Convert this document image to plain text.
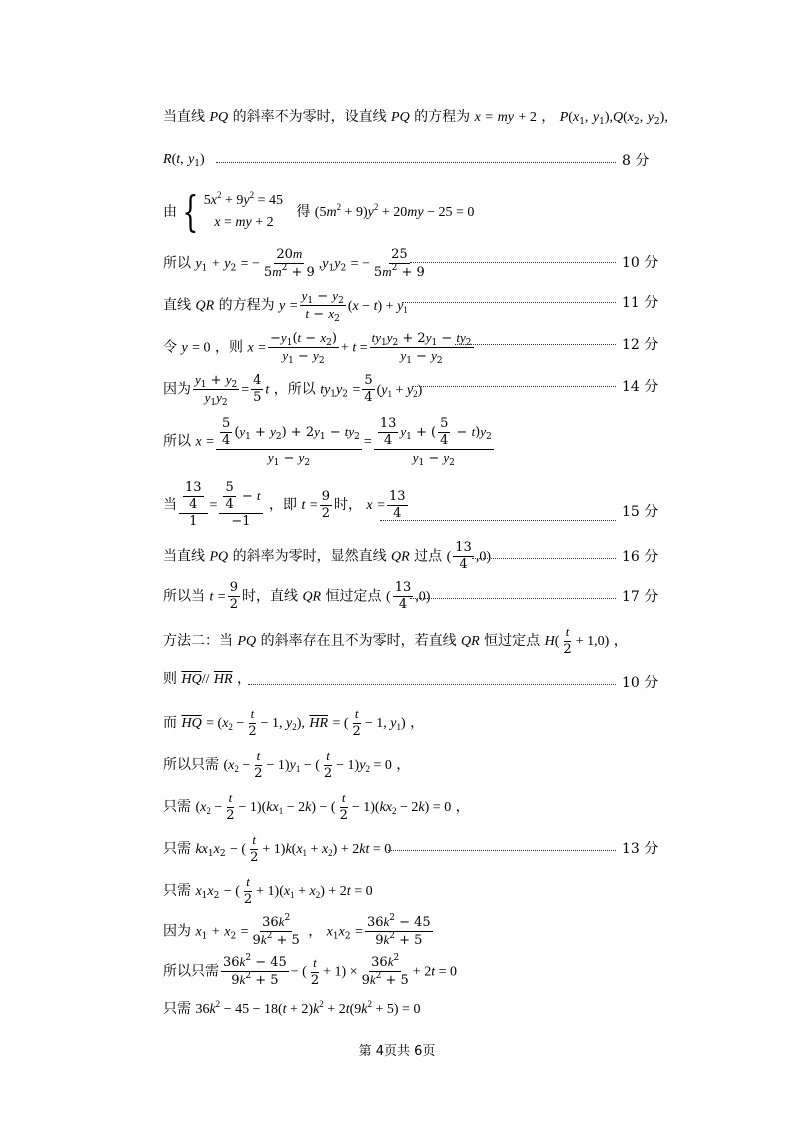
当直线 PQ 的斜率不为零时，设直线 PQ 的方程为 x = my + 2 ， $P(x_1$, $y_1),Q(x_2$, $y_2$),
R(t, $y_1$)	8 分
由 { $5x^2 + 9y^2 = 45$
x = my + 2
得 $(5m^2 + 9)y^2 + 20my - 25 = 0$
所以 $y_1 + y_2$ = − $\frac{20m}{5m^2 + 9} ,y_1y_2$ = − $\frac{25}{5m^2 + 9}$	10 分
直线 QR 的方程为 $y = \frac{y_1 - y_2}{t - x_2} (x - t) + y_1$	11 分
令 y = 0 ，则 $x = \frac{-y_1(t - x_2)}{y_1 - y_2} + t = \frac{ty_1y_2 + 2y_1 - ty_2}{y_1 - y_2}$	12 分
因为 $\frac{y_1 + y_2}{y_1y_2} = \frac{4}{5}$ t ，所以 $ty_1y_2 = \frac{5}{4} (y_1 + y_2)$	14 分
所以 $x = \frac{\frac{5}{4} (y_1 + y_2) + 2y_1 - ty_2}{y_1 - y_2} = \frac{\frac{13}{4} y_1 + ( \frac{5}{4} - t)y_2}{y_1 - y_2}$
当 $\frac{\frac{13}{4}}{1} = \frac{\frac{5}{4} - t}{-1}$ ，即 $t = \frac{9}{2}$ 时， $x = \frac{13}{4}$	15 分
当直线 PQ 的斜率为零时，显然直线 QR 过点 ( $\frac{13}{4} ,0$)	16 分
所以当 $t = \frac{9}{2}$ 时，直线 QR 恒过定点 ( $\frac{13}{4} ,0$)	17 分
方法二：当 PQ 的斜率存在且不为零时，若直线 QR 恒过定点 $H( \frac{t}{2} + 1,0)$ ，
则 $\overline{HQ}//$ $\overline{HR}$ ，	10 分
而 $\overline{HQ} = (x_2 - \frac{t}{2} - 1$, $y_2$), $\overline{HR}$ = ( $\frac{t}{2} - 1$, $y_1$) ，
所以只需 $(x_2 - \frac{t}{2} - 1)y_1$ − ( $\frac{t}{2} - 1)y_2 = 0$ ，
只需 $(x_2 - \frac{t}{2} - 1)(kx_1 - 2k)$ − ( $\frac{t}{2} - 1)(kx_2 - 2k) = 0$ ，
只需 $kx_1x_2$ − ( $\frac{t}{2} + 1)k(x_1 + x_2) + 2kt = 0$	13 分
只需 $x_1x_2$ − ( $\frac{t}{2} + 1)(x_1 + x_2) + 2t = 0$
因为 $x_1 + x_2 = \frac{36k^2}{9k^2 + 5}$ ， $x_1x_2 = \frac{36k^2 - 45}{9k^2 + 5}$
所以只需 $\frac{36k^2 - 45}{9k^2 + 5}$ − ( $\frac{t}{2} + 1) \times \frac{36k^2}{9k^2 + 5} + 2t = 0$
只需 $36k^2 - 45 - 18(t + 2)k^2 + 2t(9k^2 + 5) = 0$
第 4页共 6页
